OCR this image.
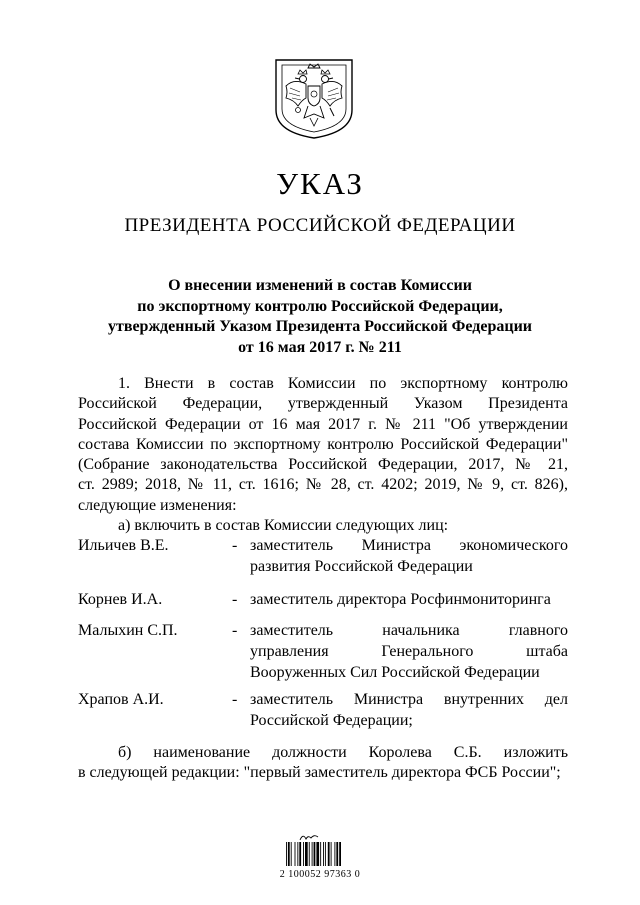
УКАЗ
ПРЕЗИДЕНТА РОССИЙСКОЙ ФЕДЕРАЦИИ
О внесении изменений в состав Комиссии
по экспортному контролю Российской Федерации,
утвержденный Указом Президента Российской Федерации
от 16 мая 2017 г. № 211
1. Внести в состав Комиссии по экспортному контролю
Российской Федерации, утвержденный Указом Президента
Российской Федерации от 16 мая 2017 г. № 211 "Об утверждении
состава Комиссии по экспортному контролю Российской Федерации"
(Собрание законодательства Российской Федерации, 2017, № 21,
ст. 2989; 2018, № 11, ст. 1616; № 28, ст. 4202; 2019, № 9, ст. 826),
следующие изменения:
а) включить в состав Комиссии следующих лиц:
Ильичев В.Е.	- заместитель Министра экономического
развития Российской Федерации
Корнев И.А.	- заместитель директора Росфинмониторинга
Малыхин С.П.	- заместитель начальника главного
управления Генерального штаба
Вооруженных Сил Российской Федерации
Храпов А.И.	- заместитель Министра внутренних дел
Российской Федерации;
б) наименование должности Королева С.Б. изложить
в следующей редакции: "первый заместитель директора ФСБ России";
2 100052 97363 0
